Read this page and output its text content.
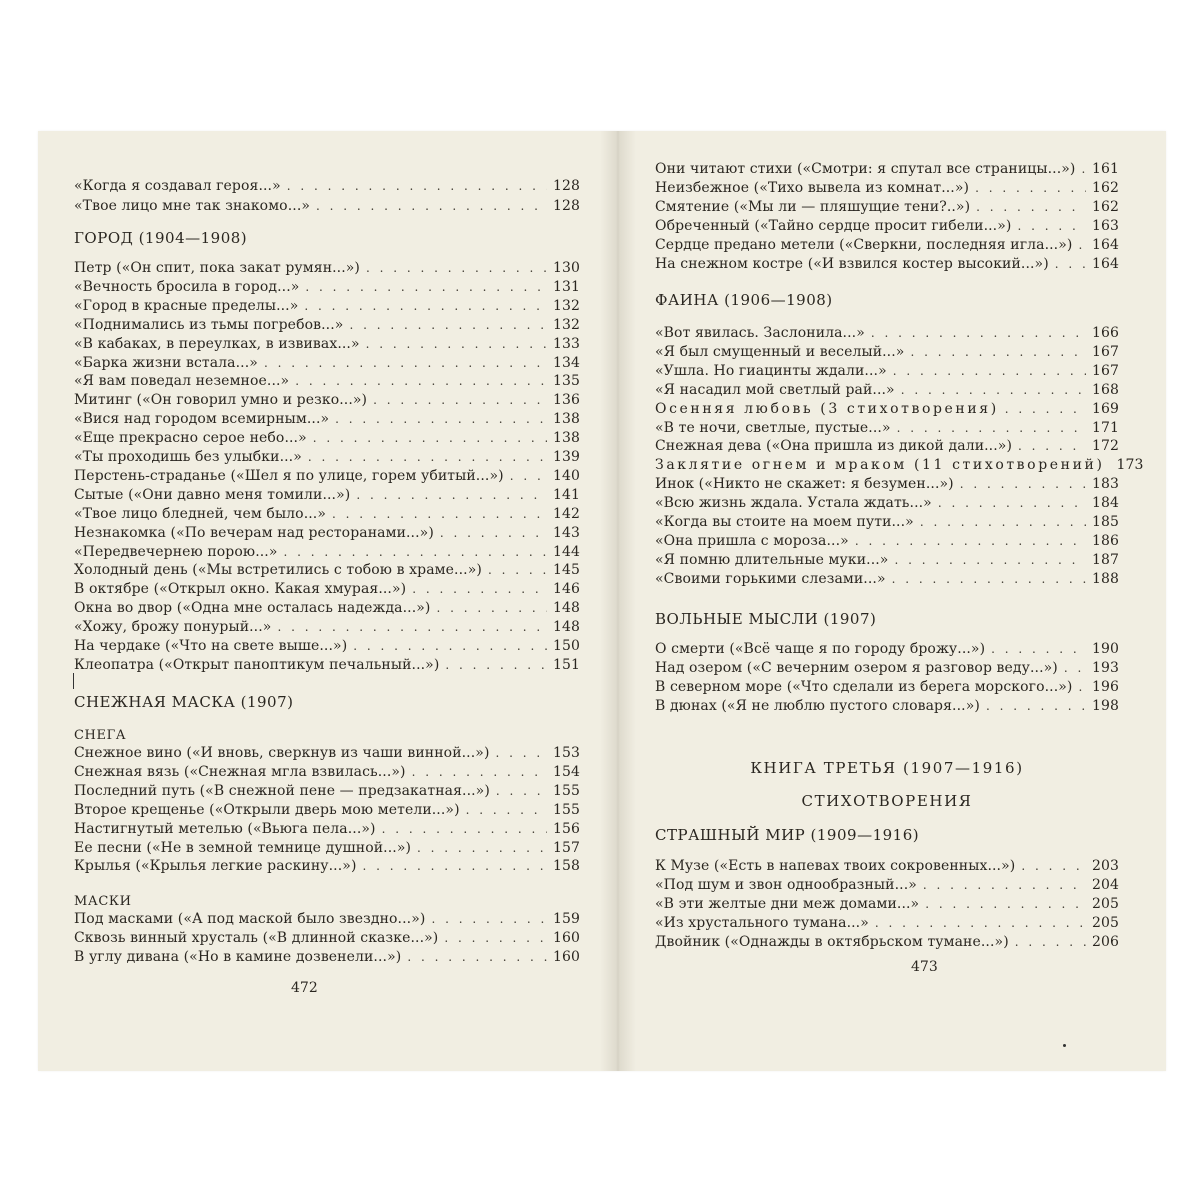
«Когда я создавал героя...» . . .	128
«Твое лицо мне так знакомо...» . . .	128
ГОРОД (1904—1908)
Петр («Он спит, пока закат румян...») . . .	130
«Вечность бросила в город...» . . .	131
«Город в красные пределы...» . . .	132
«Поднимались из тьмы погребов...» . . .	132
«В кабаках, в переулках, в извивах...» . . .	133
«Барка жизни встала...» . . .	134
«Я вам поведал неземное...» . . .	135
Митинг («Он говорил умно и резко...») . . .	136
«Вися над городом всемирным...» . . .	138
«Еще прекрасно серое небо...» . . .	138
«Ты проходишь без улыбки...» . . .	139
Перстень-страданье («Шел я по улице, горем убитый...») . . .	140
Сытые («Они давно меня томили...») . . .	141
«Твое лицо бледней, чем было...» . . .	142
Незнакомка («По вечерам над ресторанами...») . . .	143
«Передвечернею порою...» . . .	144
Холодный день («Мы встретились с тобою в храме...») . . .	145
В октябре («Открыл окно. Какая хмурая...») . . .	146
Окна во двор («Одна мне осталась надежда...») . . .	148
«Хожу, брожу понурый...» . . .	148
На чердаке («Что на свете выше...») . . .	150
Клеопатра («Открыт паноптикум печальный...») . . .	151
СНЕЖНАЯ МАСКА (1907)
СНЕГА
Снежное вино («И вновь, сверкнув из чаши винной...») . . .	153
Снежная вязь («Снежная мгла взвилась...») . . .	154
Последний путь («В снежной пене — предзакатная...») . . .	155
Второе крещенье («Открыли дверь мою метели...») . . .	155
Настигнутый метелью («Вьюга пела...») . . .	156
Ее песни («Не в земной темнице душной...») . . .	157
Крылья («Крылья легкие раскину...») . . .	158
МАСКИ
Под масками («А под маской было звездно...») . . .	159
Сквозь винный хрусталь («В длинной сказке...») . . .	160
В углу дивана («Но в камине дозвенели...») . . .	160
472
Они читают стихи («Смотри: я спутал все страницы...») . . . 161
Неизбежное («Тихо вывела из комнат...») . . .	162
Смятение («Мы ли — пляшущие тени?..») . . .	162
Обреченный («Тайно сердце просит гибели...») . . .	163
Сердце предано метели («Сверкни, последняя игла...») . . . 164
На снежном костре («И взвился костер высокий...») . . .	164
ФАИНА (1906—1908)
«Вот явилась. Заслонила...» . . .	166
«Я был смущенный и веселый...» . . .	167
«Ушла. Но гиацинты ждали...» . . .	167
«Я насадил мой светлый рай...» . . .	168
Осенняя любовь (3 стихотворения) . . .	169
«В те ночи, светлые, пустые...» . . .	171
Снежная дева («Она пришла из дикой дали...») . . .	172
Заклятие огнем и мраком (11 стихотворений) 173
Инок («Никто не скажет: я безумен...») . . .	183
«Всю жизнь ждала. Устала ждать...» . . .	184
«Когда вы стоите на моем пути...» . . .	185
«Она пришла с мороза...» . . .	186
«Я помню длительные муки...» . . .	187
«Своими горькими слезами...» . . .	188
ВОЛЬНЫЕ МЫСЛИ (1907)
О смерти («Всё чаще я по городу брожу...») . . .	190
Над озером («С вечерним озером я разговор веду...») . . . 193
В северном море («Что сделали из берега морского...») . . . 196
В дюнах («Я не люблю пустого словаря...») . . .	198
КНИГА ТРЕТЬЯ (1907—1916)
СТИХОТВОРЕНИЯ
СТРАШНЫЙ МИР (1909—1916)
К Музе («Есть в напевах твоих сокровенных...») . . .	203
«Под шум и звон однообразный...» . . .	204
«В эти желтые дни меж домами...» . . .	205
«Из хрустального тумана...» . . .	205
Двойник («Однажды в октябрьском тумане...») . . .	206
473
